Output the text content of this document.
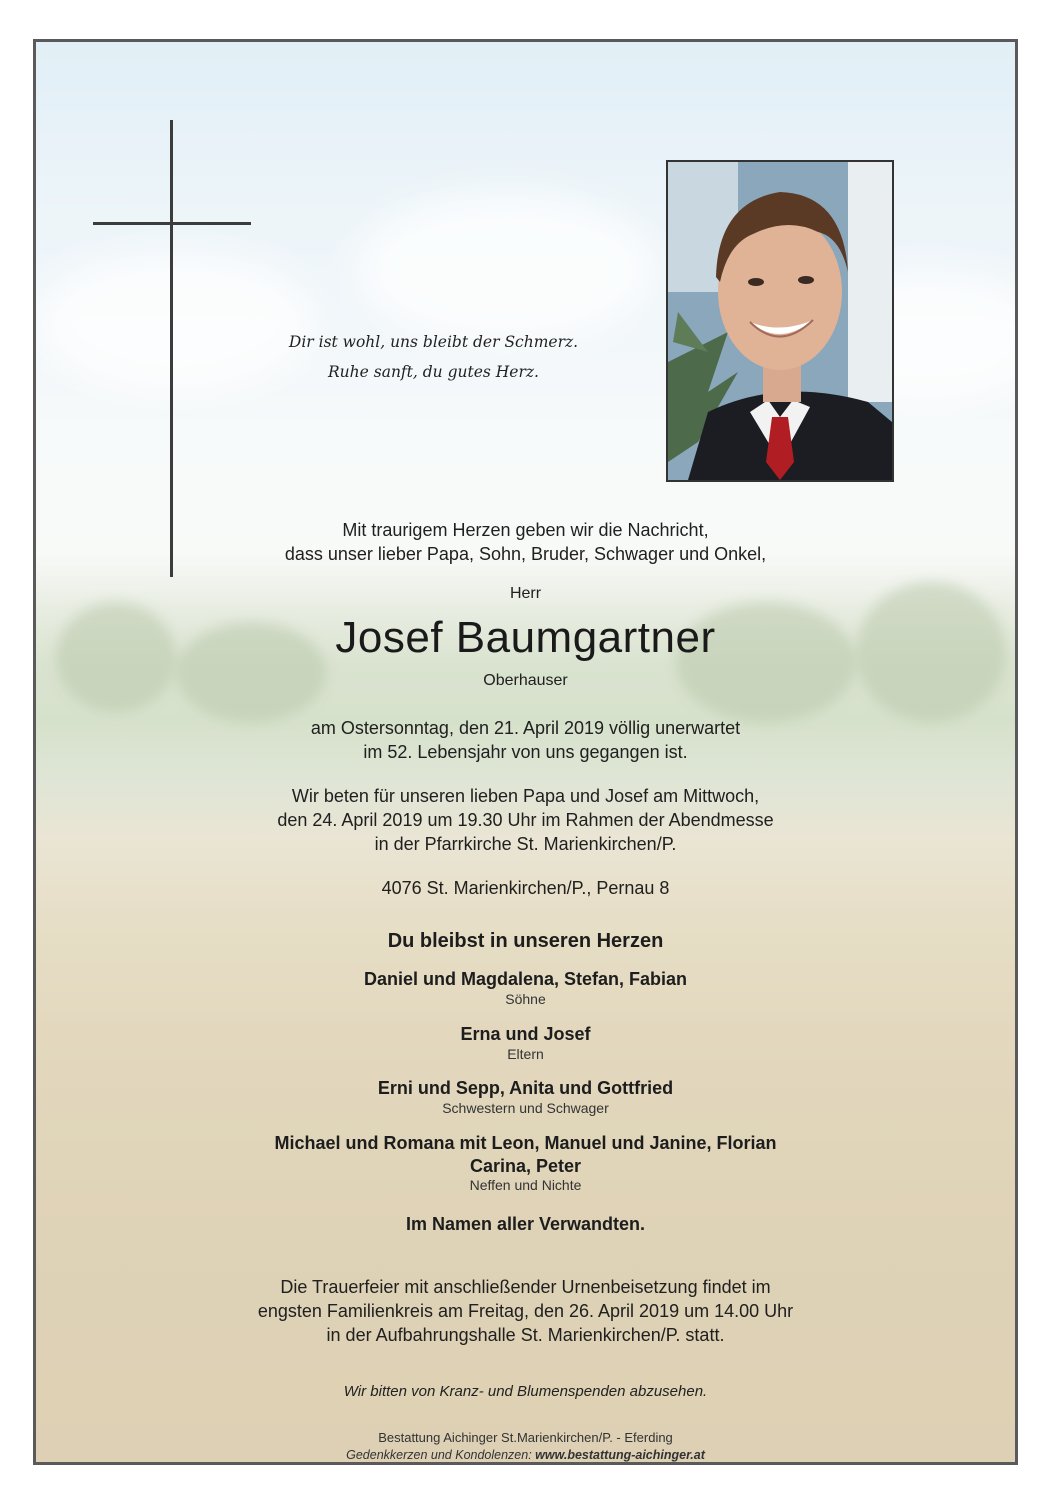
Dir ist wohl, uns bleibt der Schmerz.
Ruhe sanft, du gutes Herz.
Mit traurigem Herzen geben wir die Nachricht,
dass unser lieber Papa, Sohn, Bruder, Schwager und Onkel,
Herr
Josef Baumgartner
Oberhauser
am Ostersonntag, den 21. April 2019 völlig unerwartet
im 52. Lebensjahr von uns gegangen ist.
Wir beten für unseren lieben Papa und Josef am Mittwoch,
den 24. April 2019 um 19.30 Uhr im Rahmen der Abendmesse
in der Pfarrkirche St. Marienkirchen/P.
4076 St. Marienkirchen/P., Pernau 8
Du bleibst in unseren Herzen
Daniel und Magdalena, Stefan, Fabian
Söhne
Erna und Josef
Eltern
Erni und Sepp, Anita und Gottfried
Schwestern und Schwager
Michael und Romana mit Leon, Manuel und Janine, Florian
Carina, Peter
Neffen und Nichte
Im Namen aller Verwandten.
Die Trauerfeier mit anschließender Urnenbeisetzung findet im
engsten Familienkreis am Freitag, den 26. April 2019 um 14.00 Uhr
in der Aufbahrungshalle St. Marienkirchen/P. statt.
Wir bitten von Kranz- und Blumenspenden abzusehen.
Bestattung Aichinger St.Marienkirchen/P. - Eferding
Gedenkkerzen und Kondolenzen: www.bestattung-aichinger.at
